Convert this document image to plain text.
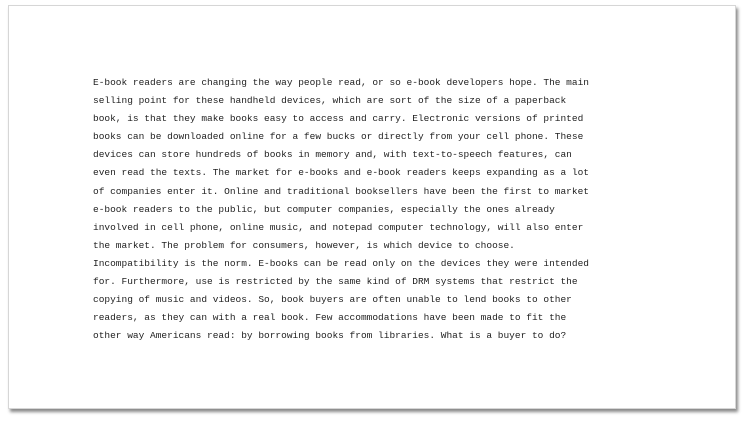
E-book readers are changing the way people read, or so e-book developers hope. The main
selling point for these handheld devices, which are sort of the size of a paperback
book, is that they make books easy to access and carry. Electronic versions of printed
books can be downloaded online for a few bucks or directly from your cell phone. These
devices can store hundreds of books in memory and, with text-to-speech features, can
even read the texts. The market for e-books and e-book readers keeps expanding as a lot
of companies enter it. Online and traditional booksellers have been the first to market
e-book readers to the public, but computer companies, especially the ones already
involved in cell phone, online music, and notepad computer technology, will also enter
the market. The problem for consumers, however, is which device to choose.
Incompatibility is the norm. E-books can be read only on the devices they were intended
for. Furthermore, use is restricted by the same kind of DRM systems that restrict the
copying of music and videos. So, book buyers are often unable to lend books to other
readers, as they can with a real book. Few accommodations have been made to fit the
other way Americans read: by borrowing books from libraries. What is a buyer to do?
